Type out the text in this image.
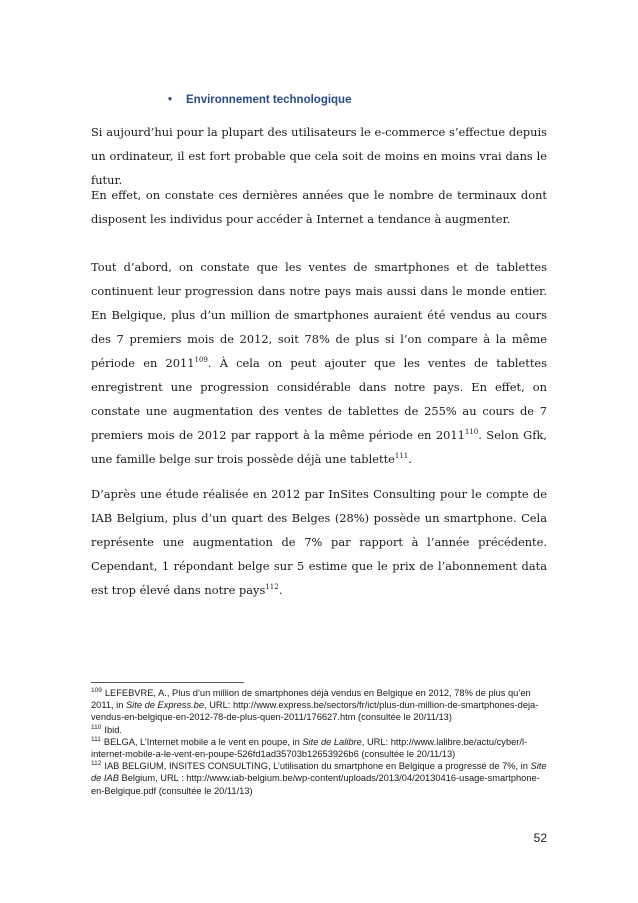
• Environnement technologique
Si aujourd’hui pour la plupart des utilisateurs le e-commerce s’effectue depuis un ordinateur, il est fort probable que cela soit de moins en moins vrai dans le futur.
En effet, on constate ces dernières années que le nombre de terminaux dont disposent les individus pour accéder à Internet a tendance à augmenter.
Tout d’abord, on constate que les ventes de smartphones et de tablettes continuent leur progression dans notre pays mais aussi dans le monde entier. En Belgique, plus d’un million de smartphones auraient été vendus au cours des 7 premiers mois de 2012, soit 78% de plus si l’on compare à la même période en 2011$^{109}$. À cela on peut ajouter que les ventes de tablettes enregistrent une progression considérable dans notre pays. En effet, on constate une augmentation des ventes de tablettes de 255% au cours de 7 premiers mois de 2012 par rapport à la même période en 2011$^{110}$. Selon Gfk, une famille belge sur trois possède déjà une tablette$^{111}$.
D’après une étude réalisée en 2012 par InSites Consulting pour le compte de IAB Belgium, plus d’un quart des Belges (28%) possède un smartphone. Cela représente une augmentation de 7% par rapport à l’année précédente. Cependant, 1 répondant belge sur 5 estime que le prix de l’abonnement data est trop élevé dans notre pays$^{112}$.

$^{109}$ LEFEBVRE, A., Plus d’un million de smartphones déjà vendus en Belgique en 2012, 78% de plus qu’en 2011, in Site de Express.be, URL: http://www.express.be/sectors/fr/ict/plus-dun-million-de-smartphones-deja-vendus-en-belgique-en-2012-78-de-plus-quen-2011/176627.htm (consultée le 20/11/13)

$^{110}$ Ibid.

$^{111}$ BELGA, L’Internet mobile a le vent en poupe, in Site de Lalibre, URL: http://www.lalibre.be/actu/cyber/l-internet-mobile-a-le-vent-en-poupe-526fd1ad35703b12653926b6 (consultée le 20/11/13)

$^{112}$ IAB BELGIUM, INSITES CONSULTING, L’utilisation du smartphone en Belgique a progressé de 7%, in Site de IAB Belgium, URL : http://www.iab-belgium.be/wp-content/uploads/2013/04/20130416-usage-smartphone-en-Belgique.pdf (consultée le 20/11/13)

52
